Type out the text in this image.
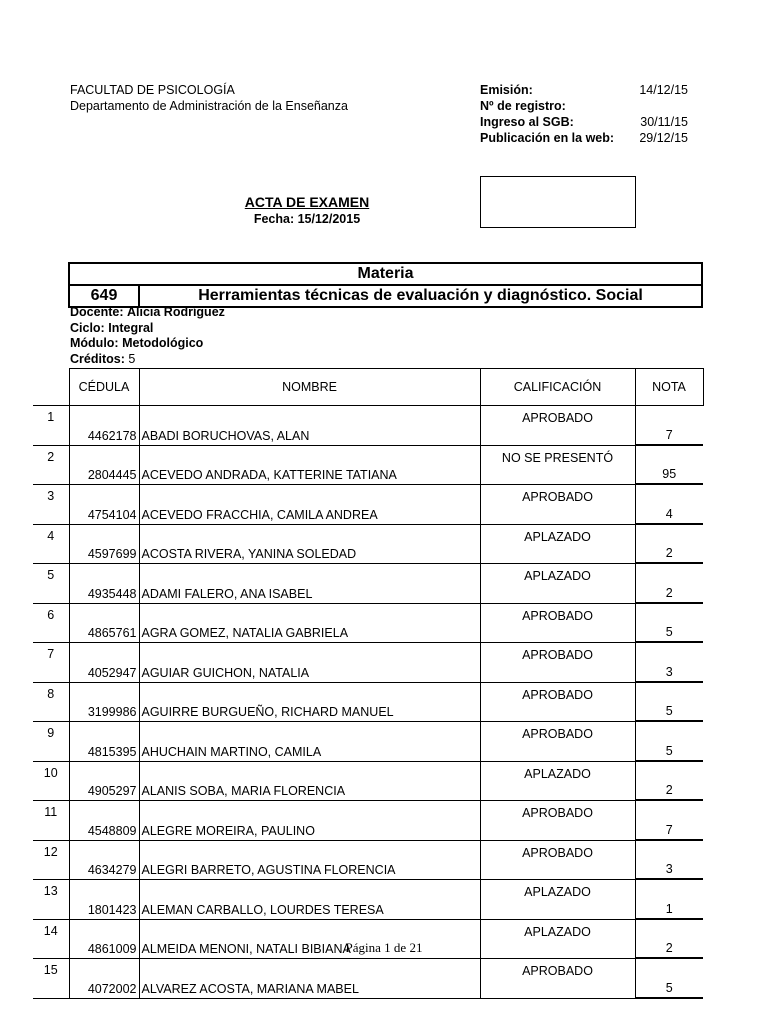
FACULTAD DE PSICOLOGÍA
Departamento de Administración de la Enseñanza
Emisión:	14/12/15
Nº de registro:
Ingreso al SGB:	30/11/15
Publicación en la web: 29/12/15
ACTA DE EXAMEN
Fecha: 15/12/2015
Materia
649	Herramientas técnicas de evaluación y diagnóstico. Social
Docente: Alicia Rodríguez
Ciclo: Integral
Módulo: Metodológico
Créditos: 5
	CÉDULA	NOMBRE	CALIFICACIÓN	NOTA
1	4462178	ABADI BORUCHOVAS, ALAN	APROBADO	7

2	2804445	ACEVEDO ANDRADA, KATTERINE TATIANA	NO SE PRESENTÓ	95

3	4754104	ACEVEDO FRACCHIA, CAMILA ANDREA	APROBADO	4

4	4597699	ACOSTA RIVERA, YANINA SOLEDAD	APLAZADO	2

5	4935448	ADAMI FALERO, ANA ISABEL	APLAZADO	2

6	4865761	AGRA GOMEZ, NATALIA GABRIELA	APROBADO	5

7	4052947	AGUIAR GUICHON, NATALIA	APROBADO	3

8	3199986	AGUIRRE BURGUEÑO, RICHARD MANUEL	APROBADO	5

9	4815395	AHUCHAIN MARTINO, CAMILA	APROBADO	5

10	4905297	ALANIS SOBA, MARIA FLORENCIA	APLAZADO	2

11	4548809	ALEGRE MOREIRA, PAULINO	APROBADO	7

12	4634279	ALEGRI BARRETO, AGUSTINA FLORENCIA	APROBADO	3

13	1801423	ALEMAN CARBALLO, LOURDES TERESA	APLAZADO	1

14	4861009	ALMEIDA MENONI, NATALI BIBIANA	APLAZADO	2

15	4072002	ALVAREZ ACOSTA, MARIANA MABEL	APROBADO	5
Página 1 de 21
